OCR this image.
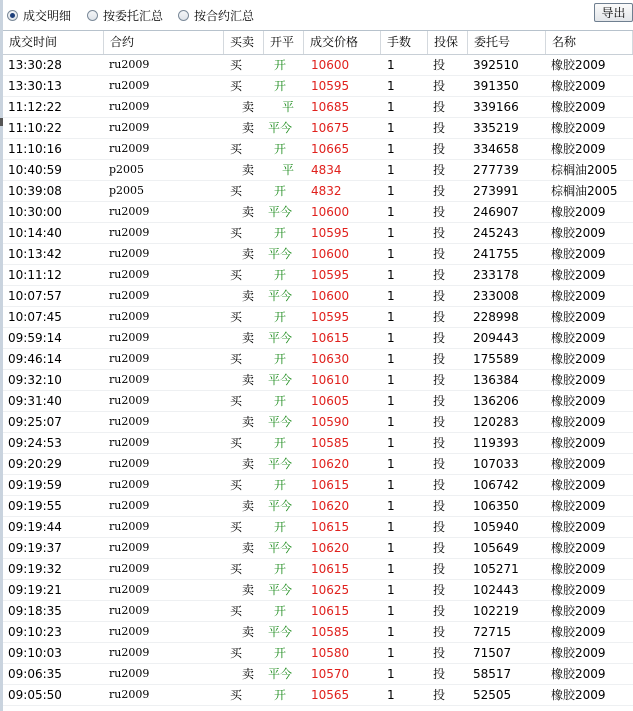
成交明细	按委托汇总	按合约汇总	导出
成交时间	合约	买卖	开平	成交价格	手数	投保	委托号	名称
13:30:28	ru2009	买	开	10600	1	投	392510	橡胶2009
13:30:13	ru2009	买	开	10595	1	投	391350	橡胶2009
11:12:22	ru2009	卖	平	10685	1	投	339166	橡胶2009
11:10:22	ru2009	卖	平今	10675	1	投	335219	橡胶2009
11:10:16	ru2009	买	开	10665	1	投	334658	橡胶2009
10:40:59	p2005	卖	平	4834	1	投	277739	棕榈油2005
10:39:08	p2005	买	开	4832	1	投	273991	棕榈油2005
10:30:00	ru2009	卖	平今	10600	1	投	246907	橡胶2009
10:14:40	ru2009	买	开	10595	1	投	245243	橡胶2009
10:13:42	ru2009	卖	平今	10600	1	投	241755	橡胶2009
10:11:12	ru2009	买	开	10595	1	投	233178	橡胶2009
10:07:57	ru2009	卖	平今	10600	1	投	233008	橡胶2009
10:07:45	ru2009	买	开	10595	1	投	228998	橡胶2009
09:59:14	ru2009	卖	平今	10615	1	投	209443	橡胶2009
09:46:14	ru2009	买	开	10630	1	投	175589	橡胶2009
09:32:10	ru2009	卖	平今	10610	1	投	136384	橡胶2009
09:31:40	ru2009	买	开	10605	1	投	136206	橡胶2009
09:25:07	ru2009	卖	平今	10590	1	投	120283	橡胶2009
09:24:53	ru2009	买	开	10585	1	投	119393	橡胶2009
09:20:29	ru2009	卖	平今	10620	1	投	107033	橡胶2009
09:19:59	ru2009	买	开	10615	1	投	106742	橡胶2009
09:19:55	ru2009	卖	平今	10620	1	投	106350	橡胶2009
09:19:44	ru2009	买	开	10615	1	投	105940	橡胶2009
09:19:37	ru2009	卖	平今	10620	1	投	105649	橡胶2009
09:19:32	ru2009	买	开	10615	1	投	105271	橡胶2009
09:19:21	ru2009	卖	平今	10625	1	投	102443	橡胶2009
09:18:35	ru2009	买	开	10615	1	投	102219	橡胶2009
09:10:23	ru2009	卖	平今	10585	1	投	72715	橡胶2009
09:10:03	ru2009	买	开	10580	1	投	71507	橡胶2009
09:06:35	ru2009	卖	平今	10570	1	投	58517	橡胶2009
09:05:50	ru2009	买	开	10565	1	投	52505	橡胶2009
